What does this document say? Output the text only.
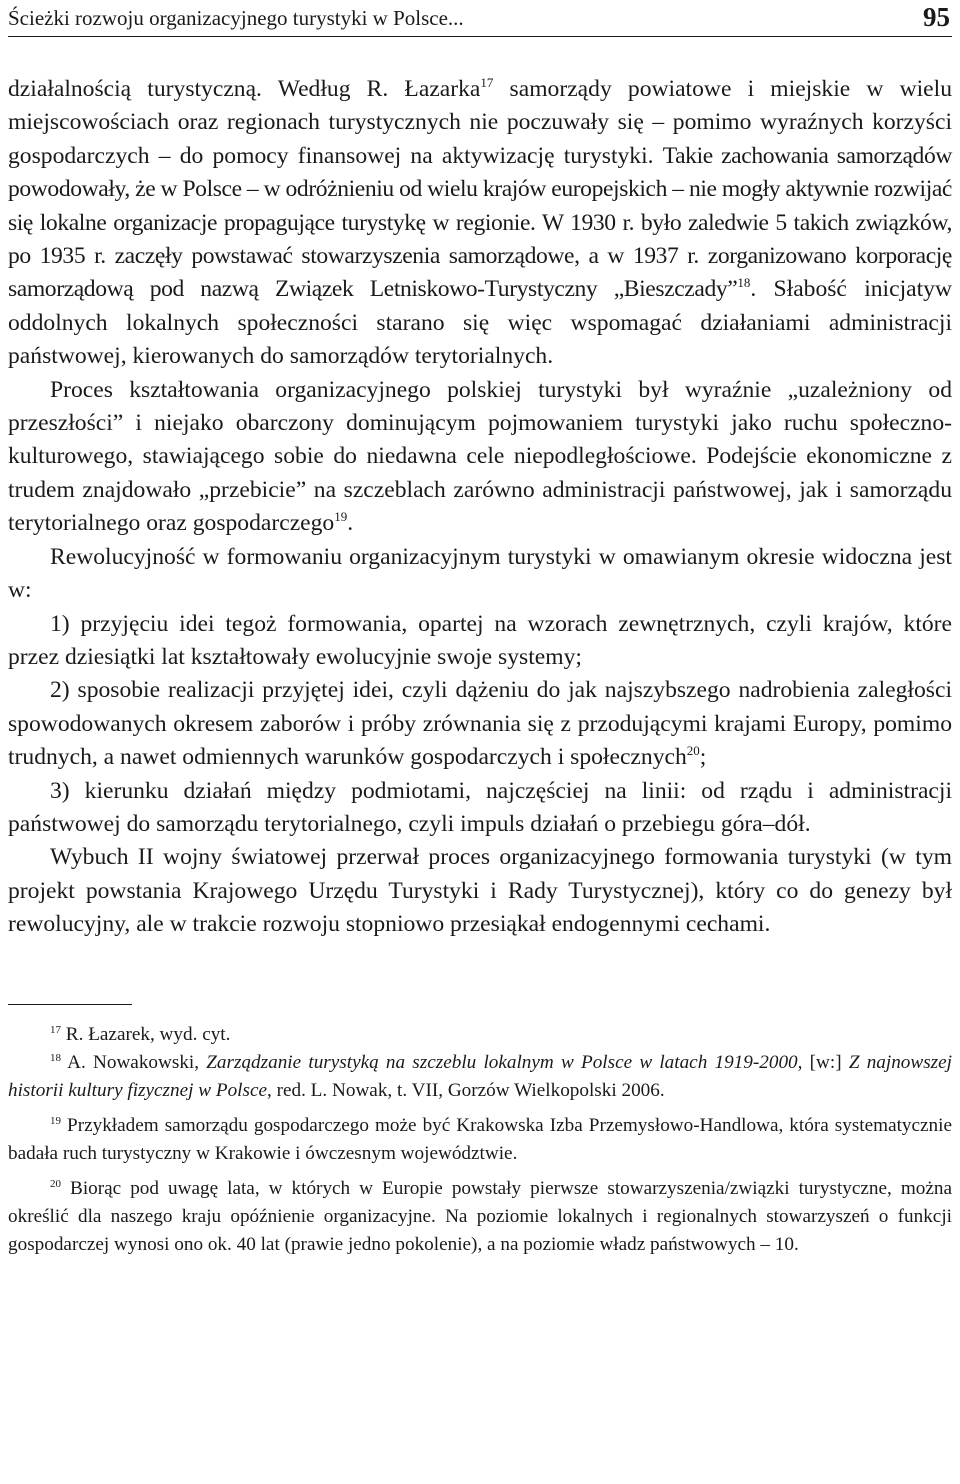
Ścieżki rozwoju organizacyjnego turystyki w Polsce...	95

działalnością turystyczną. Według R. Łazarka$^{17}$ samorządy powiatowe i miejskie w wielu miejscowościach oraz regionach turystycznych nie poczuwały się – pomimo wyraźnych korzyści gospodarczych – do pomocy finansowej na aktywizację turystyki. Takie zachowania samorządów powodowały, że w Polsce – w odróżnieniu od wielu krajów europejskich – nie mogły aktywnie rozwijać się lokalne organizacje propagujące turystykę w regionie. W 1930 r. było zaledwie 5 takich związków, po 1935 r. zaczęły powstawać stowarzyszenia samorządowe, a w 1937 r. zorganizowano korporację samorządową pod nazwą Związek Letniskowo-Turystyczny „Bieszczady”$^{18}$. Słabość inicjatyw oddolnych lokalnych społeczności starano się więc wspomagać działaniami administracji państwowej, kierowanych do samorządów terytorialnych.

Proces kształtowania organizacyjnego polskiej turystyki był wyraźnie „uzależniony od przeszłości” i niejako obarczony dominującym pojmowaniem turystyki jako ruchu społeczno-kulturowego, stawiającego sobie do niedawna cele niepodległościowe. Podejście ekonomiczne z trudem znajdowało „przebicie” na szczeblach zarówno administracji państwowej, jak i samorządu terytorialnego oraz gospodarczego$^{19}$.

Rewolucyjność w formowaniu organizacyjnym turystyki w omawianym okresie widoczna jest w:

1) przyjęciu idei tegoż formowania, opartej na wzorach zewnętrznych, czyli krajów, które przez dziesiątki lat kształtowały ewolucyjnie swoje systemy;

2) sposobie realizacji przyjętej idei, czyli dążeniu do jak najszybszego nadrobienia zaległości spowodowanych okresem zaborów i próby zrównania się z przodującymi krajami Europy, pomimo trudnych, a nawet odmiennych warunków gospodarczych i społecznych$^{20}$;

3) kierunku działań między podmiotami, najczęściej na linii: od rządu i administracji państwowej do samorządu terytorialnego, czyli impuls działań o przebiegu góra–dół.

Wybuch II wojny światowej przerwał proces organizacyjnego formowania turystyki (w tym projekt powstania Krajowego Urzędu Turystyki i Rady Turystycznej), który co do genezy był rewolucyjny, ale w trakcie rozwoju stopniowo przesiąkał endogennymi cechami.

$^{17}$ R. Łazarek, wyd. cyt.

$^{18}$ A. Nowakowski, Zarządzanie turystyką na szczeblu lokalnym w Polsce w latach 1919-2000, [w:] Z najnowszej historii kultury fizycznej w Polsce, red. L. Nowak, t. VII, Gorzów Wielkopolski 2006.

$^{19}$ Przykładem samorządu gospodarczego może być Krakowska Izba Przemysłowo-Handlowa, która systematycznie badała ruch turystyczny w Krakowie i ówczesnym województwie.

$^{20}$ Biorąc pod uwagę lata, w których w Europie powstały pierwsze stowarzyszenia/związki turystyczne, można określić dla naszego kraju opóźnienie organizacyjne. Na poziomie lokalnych i regionalnych stowarzyszeń o funkcji gospodarczej wynosi ono ok. 40 lat (prawie jedno pokolenie), a na poziomie władz państwowych – 10.
